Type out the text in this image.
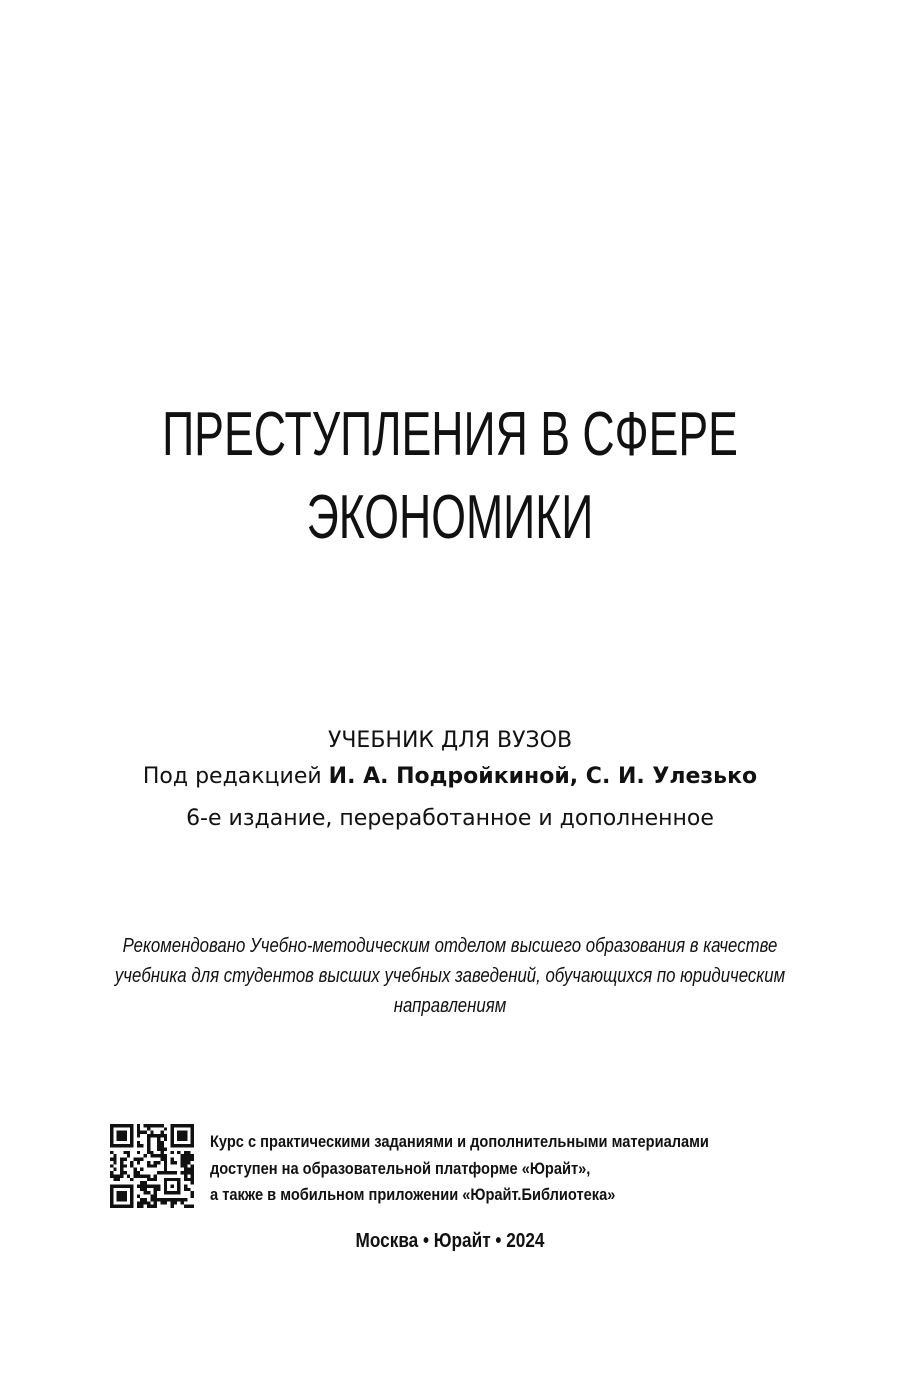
ПРЕСТУПЛЕНИЯ В СФЕРЕ
ЭКОНОМИКИ
УЧЕБНИК ДЛЯ ВУЗОВ
Под редакцией И. А. Подройкиной, С. И. Улезько
6-е издание, переработанное и дополненное
Рекомендовано Учебно-методическим отделом высшего образования в качестве
учебника для студентов высших учебных заведений, обучающихся по юридическим
направлениям
Курс с практическими заданиями и дополнительными материалами
доступен на образовательной платформе «Юрайт»,
а также в мобильном приложении «Юрайт.Библиотека»
Москва • Юрайт • 2024
